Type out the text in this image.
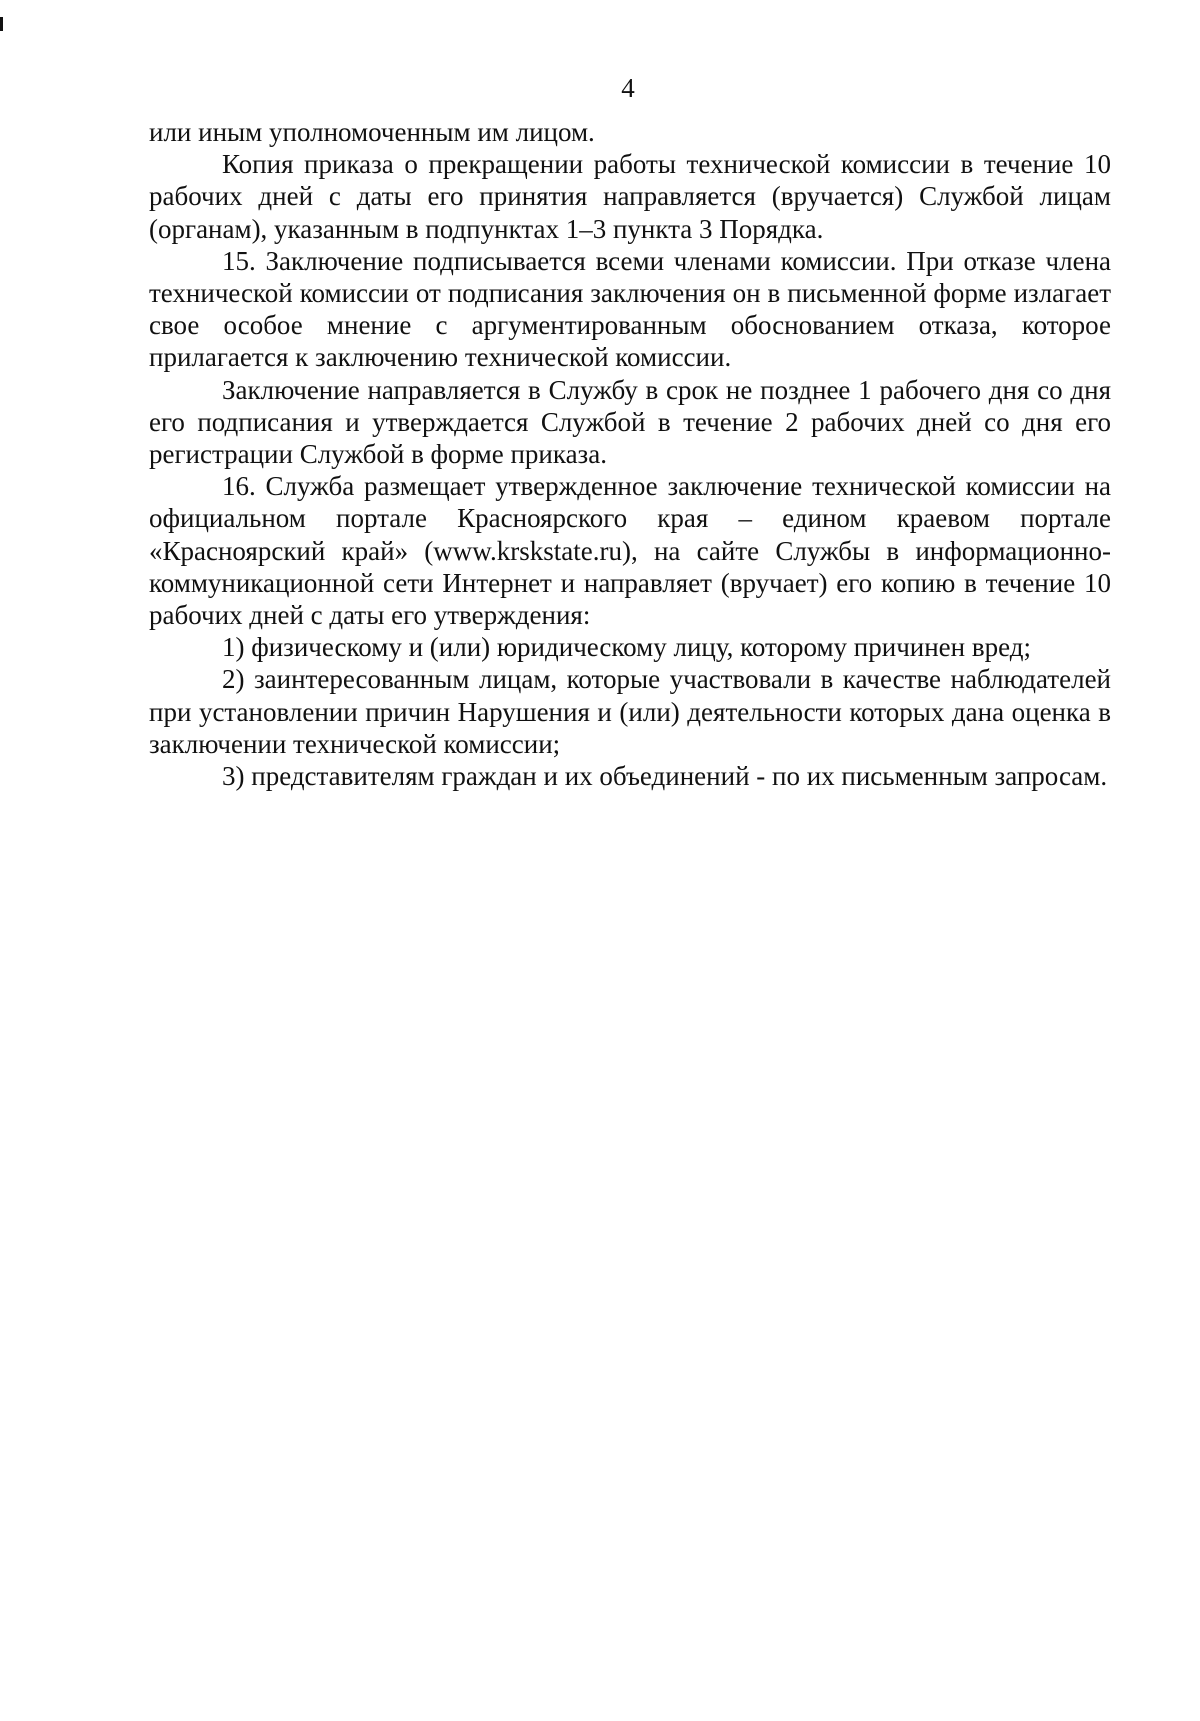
4

или иным уполномоченным им лицом.

Копия приказа о прекращении работы технической комиссии в течение 10 рабочих дней с даты его принятия направляется (вручается) Службой лицам (органам), указанным в подпунктах 1–3 пункта 3 Порядка.

15. Заключение подписывается всеми членами комиссии. При отказе члена технической комиссии от подписания заключения он в письменной форме излагает свое особое мнение с аргументированным обоснованием отказа, которое прилагается к заключению технической комиссии.

Заключение направляется в Службу в срок не позднее 1 рабочего дня со дня его подписания и утверждается Службой в течение 2 рабочих дней со дня его регистрации Службой в форме приказа.

16. Служба размещает утвержденное заключение технической комиссии на официальном портале Красноярского края – едином краевом портале «Красноярский край» (www.krskstate.ru), на сайте Службы в информационно-коммуникационной сети Интернет и направляет (вручает) его копию в течение 10 рабочих дней с даты его утверждения:

1) физическому и (или) юридическому лицу, которому причинен вред;

2) заинтересованным лицам, которые участвовали в качестве наблюдателей при установлении причин Нарушения и (или) деятельности которых дана оценка в заключении технической комиссии;

3) представителям граждан и их объединений - по их письменным запросам.
